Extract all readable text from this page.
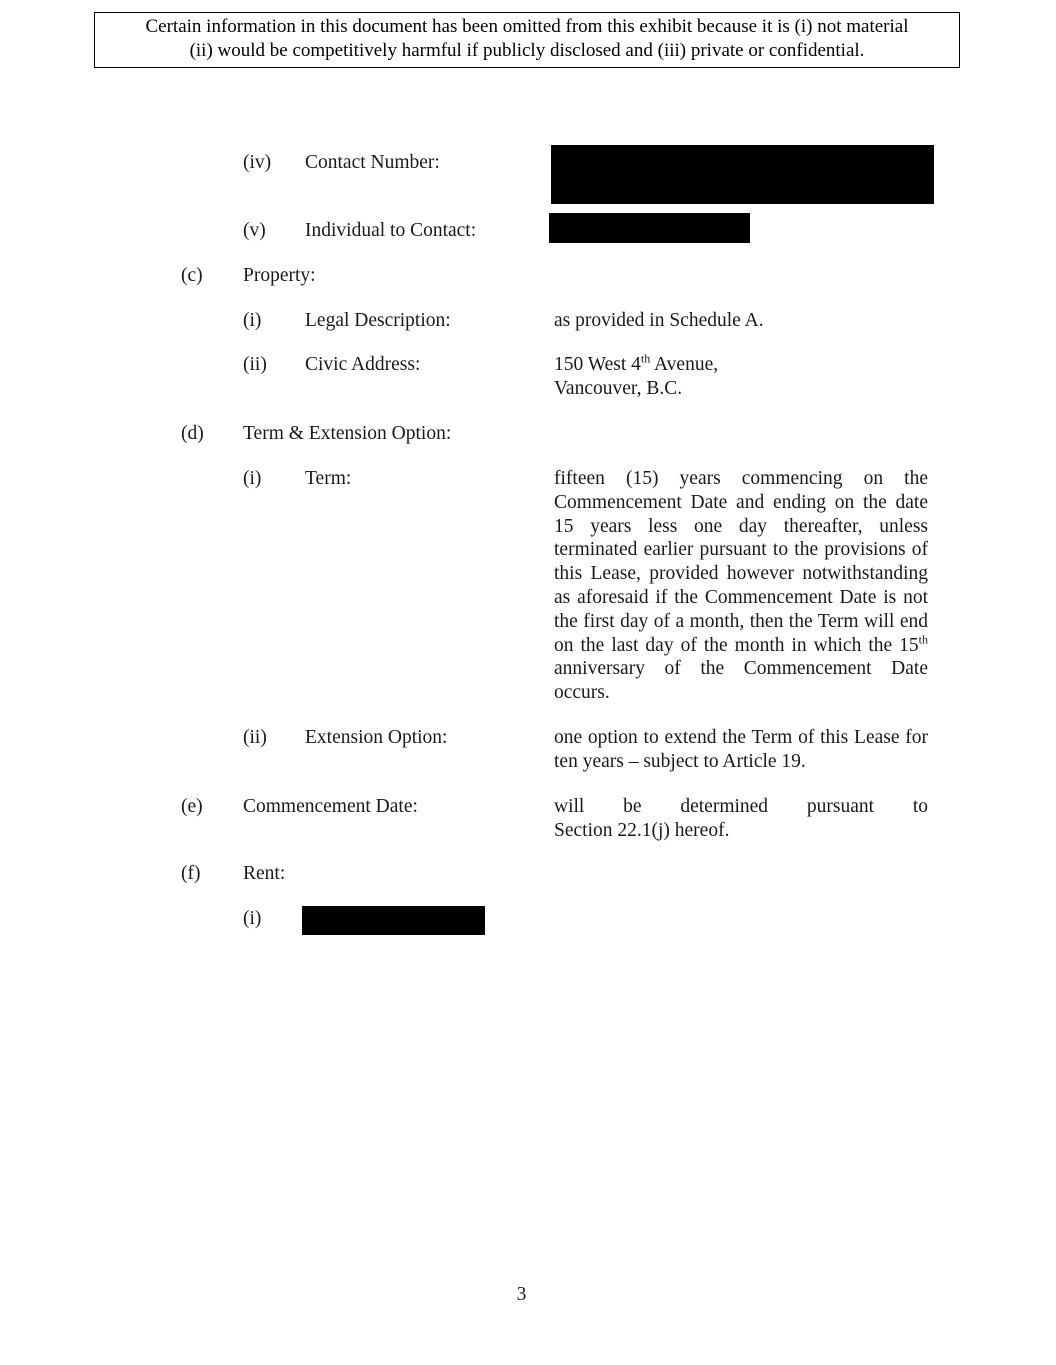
Certain information in this document has been omitted from this exhibit because it is (i) not material
(ii) would be competitively harmful if publicly disclosed and (iii) private or confidential.
(iv) Contact Number:
(v) Individual to Contact:
(c) Property:
(i) Legal Description:	as provided in Schedule A.
(ii) Civic Address:	150 West 4th Avenue,
Vancouver, B.C.
(d) Term & Extension Option:
(i) Term:	fifteen (15) years commencing on the Commencement Date and ending on the date 15 years less one day thereafter, unless terminated earlier pursuant to the provisions of this Lease, provided however notwithstanding as aforesaid if the Commencement Date is not the first day of a month, then the Term will end on the last day of the month in which the 15th anniversary of the Commencement Date occurs.
(ii) Extension Option:	one option to extend the Term of this Lease for ten years – subject to Article 19.
(e) Commencement Date:	will be determined pursuant to
Section 22.1(j) hereof.
(f) Rent:
(i)
3
